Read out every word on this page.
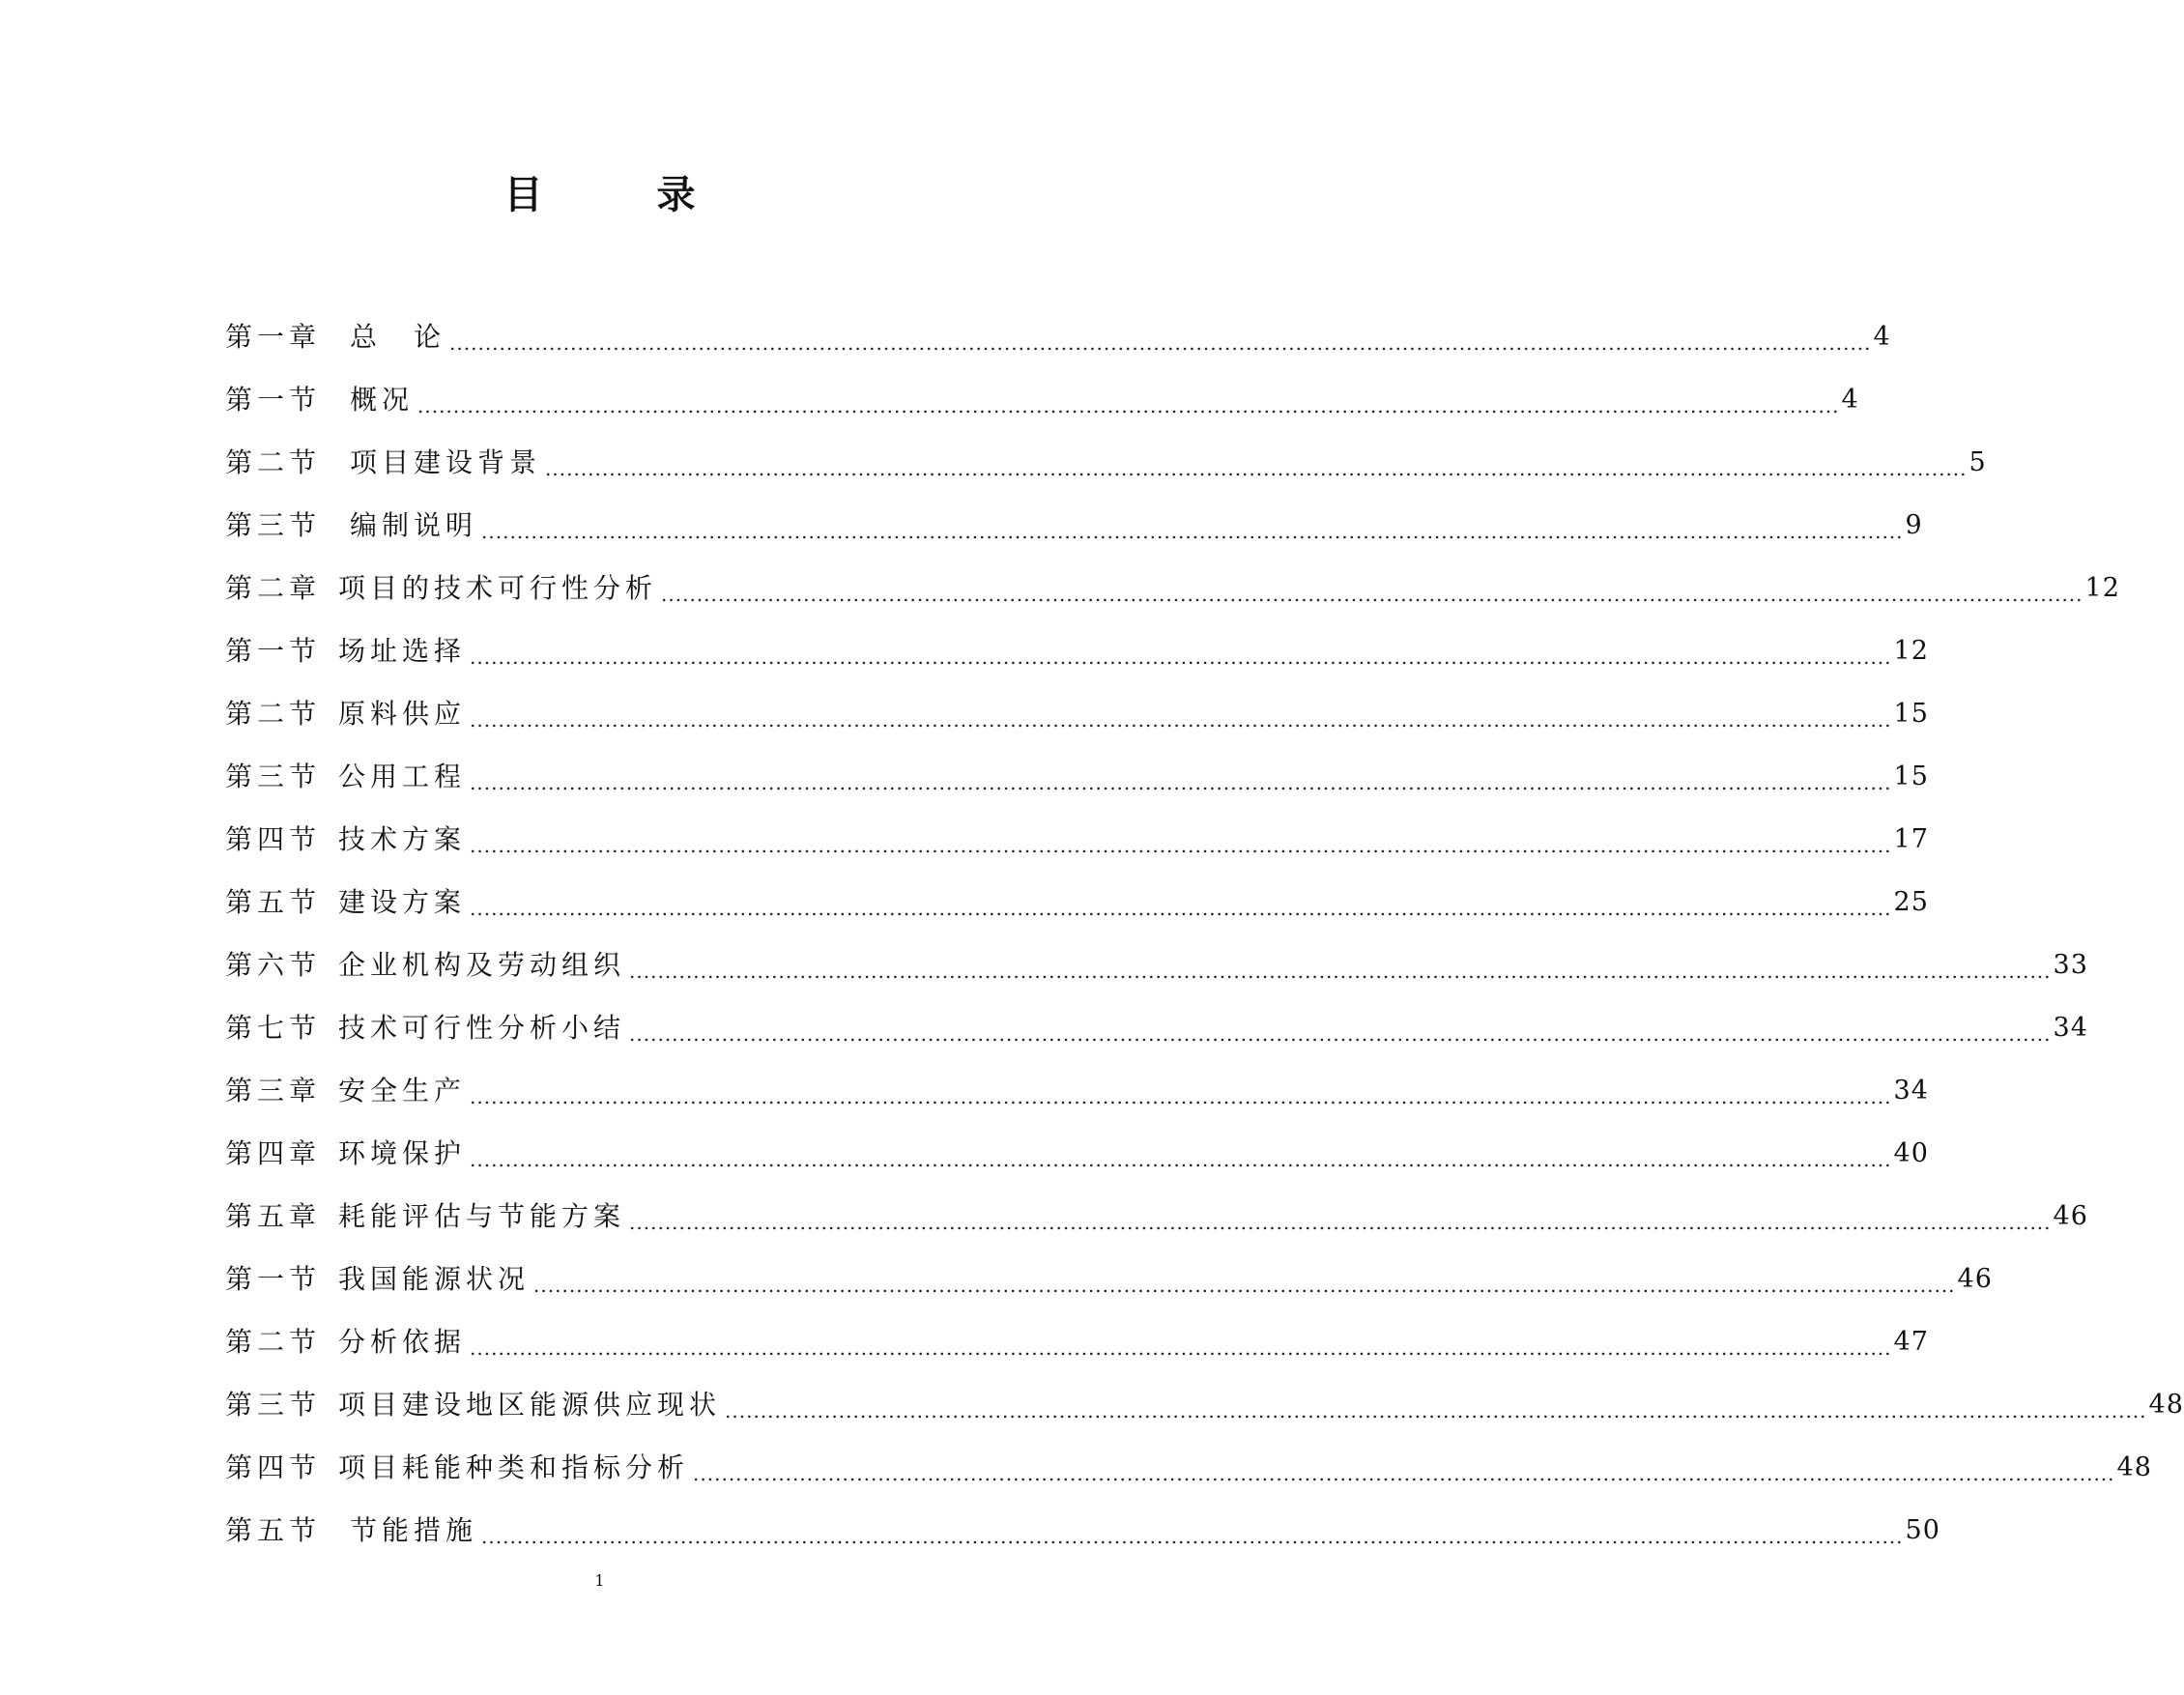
目	录
第一章 总　论 ........................................................................................................................................................................................................ 4
第一节 概况 ........................................................................................................................................................................................................ 4
第二节 项目建设背景 ........................................................................................................................................................................................................ 5
第三节 编制说明 ........................................................................................................................................................................................................ 9
第二章 项目的技术可行性分析 ........................................................................................................................................................................................................ 12
第一节 场址选择 ........................................................................................................................................................................................................ 12
第二节 原料供应 ........................................................................................................................................................................................................ 15
第三节 公用工程 ........................................................................................................................................................................................................ 15
第四节 技术方案 ........................................................................................................................................................................................................ 17
第五节 建设方案 ........................................................................................................................................................................................................ 25
第六节 企业机构及劳动组织 ........................................................................................................................................................................................................ 33
第七节 技术可行性分析小结 ........................................................................................................................................................................................................ 34
第三章 安全生产 ........................................................................................................................................................................................................ 34
第四章 环境保护 ........................................................................................................................................................................................................ 40
第五章 耗能评估与节能方案 ........................................................................................................................................................................................................ 46
第一节 我国能源状况 ........................................................................................................................................................................................................ 46
第二节 分析依据 ........................................................................................................................................................................................................ 47
第三节 项目建设地区能源供应现状 ........................................................................................................................................................................................................ 48
第四节 项目耗能种类和指标分析 ........................................................................................................................................................................................................ 48
第五节 节能措施 ........................................................................................................................................................................................................ 50
1
